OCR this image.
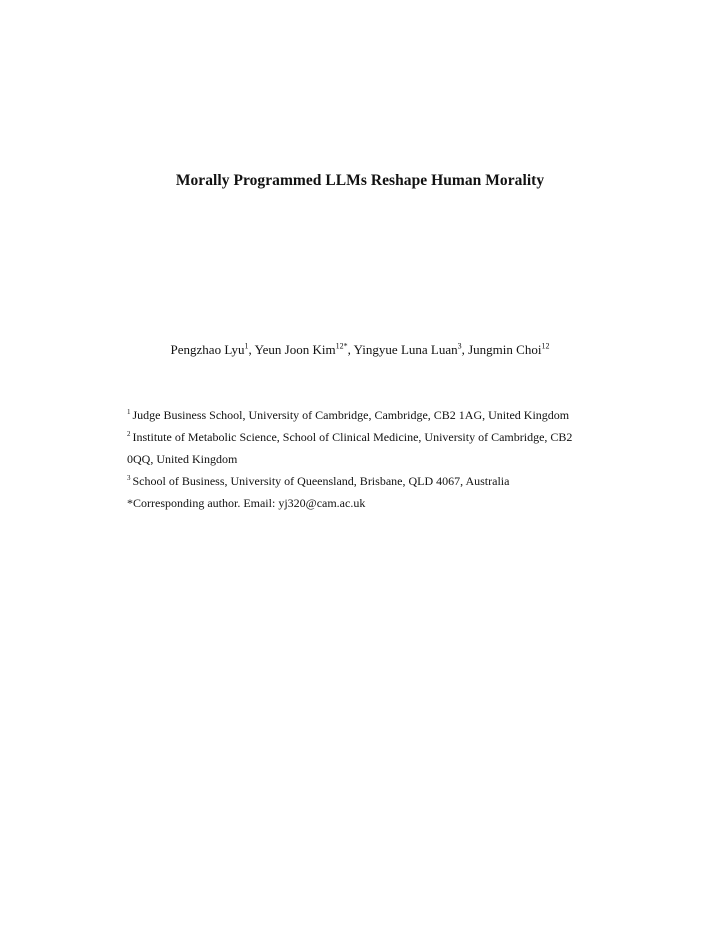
Morally Programmed LLMs Reshape Human Morality
Pengzhao Lyu$^1$, Yeun Joon Kim$^{12*}$, Yingyue Luna Luan$^3$, Jungmin Choi$^{12}$
$^1$ Judge Business School, University of Cambridge, Cambridge, CB2 1AG, United Kingdom
$^2$ Institute of Metabolic Science, School of Clinical Medicine, University of Cambridge, CB2
0QQ, United Kingdom
$^3$ School of Business, University of Queensland, Brisbane, QLD 4067, Australia
*Corresponding author. Email: yj320@cam.ac.uk
